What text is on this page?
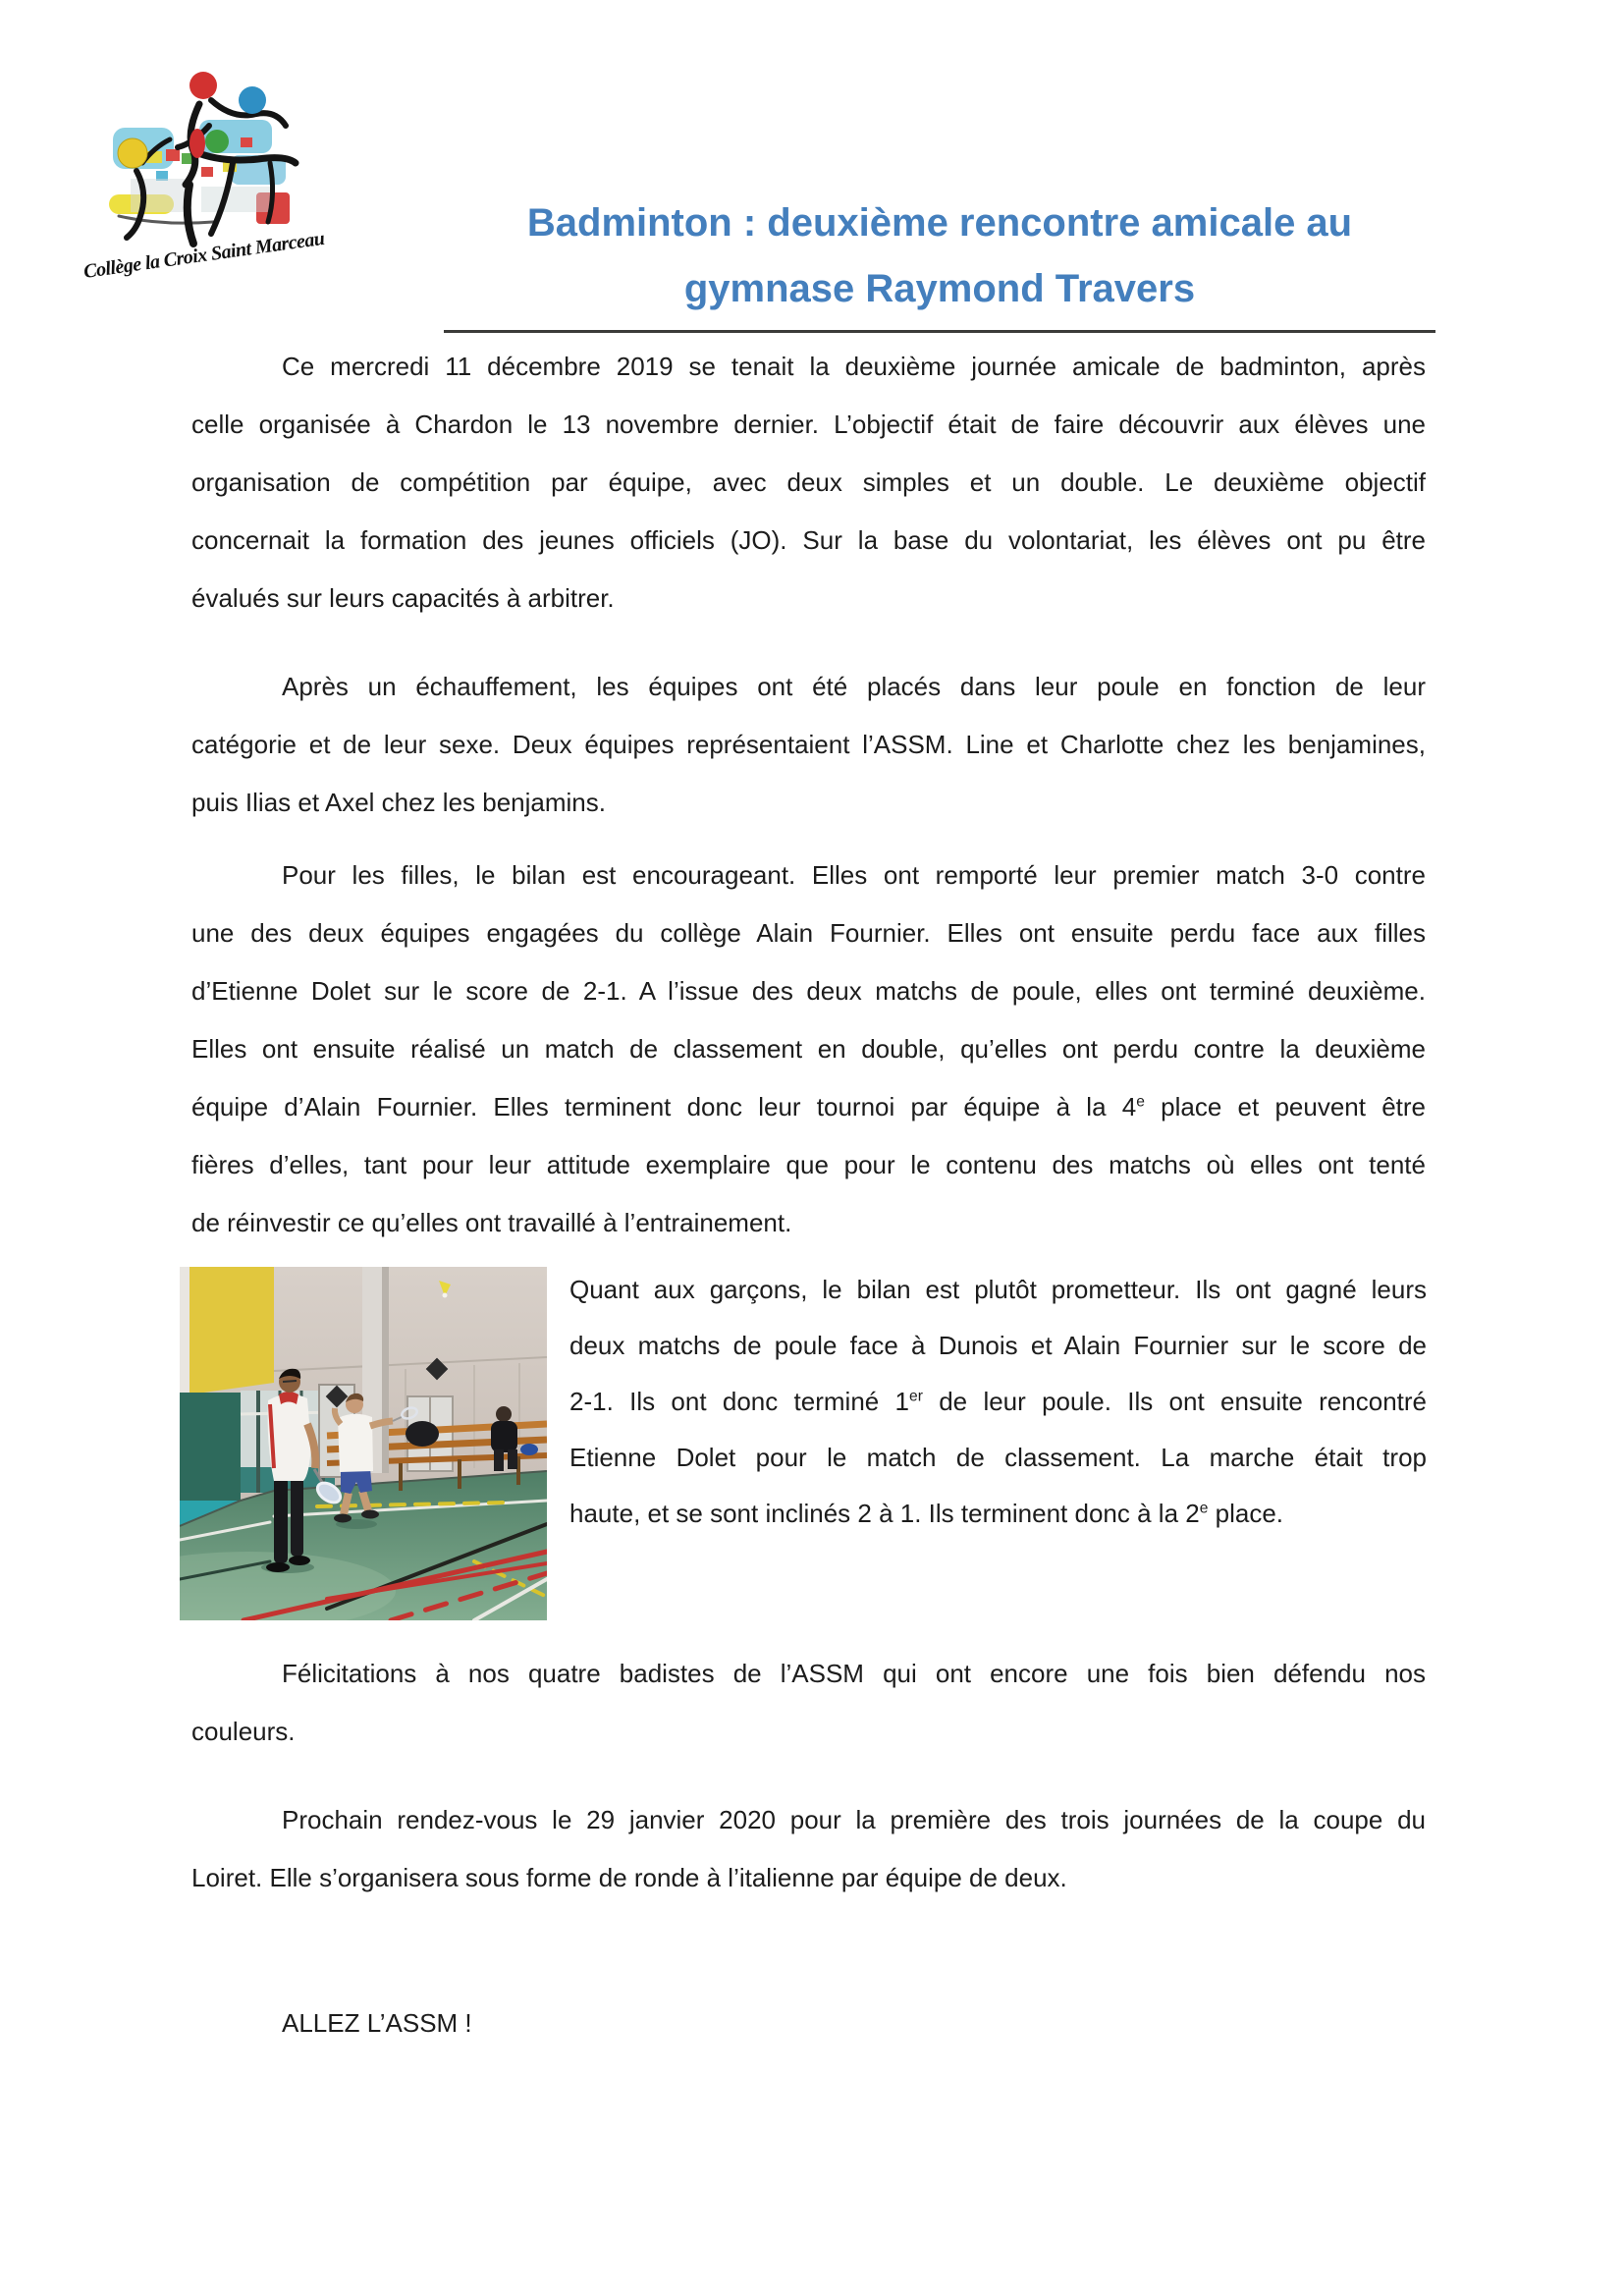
Collège la Croix Saint Marceau
Badminton : deuxième rencontre amicale au
gymnase Raymond Travers
Ce mercredi 11 décembre 2019 se tenait la deuxième journée amicale de badminton, après
celle organisée à Chardon le 13 novembre dernier. L’objectif était de faire découvrir aux élèves une
organisation de compétition par équipe, avec deux simples et un double. Le deuxième objectif
concernait la formation des jeunes officiels (JO). Sur la base du volontariat, les élèves ont pu être
évalués sur leurs capacités à arbitrer.
Après un échauffement, les équipes ont été placés dans leur poule en fonction de leur
catégorie et de leur sexe. Deux équipes représentaient l’ASSM. Line et Charlotte chez les benjamines,
puis Ilias et Axel chez les benjamins.
Pour les filles, le bilan est encourageant. Elles ont remporté leur premier match 3-0 contre
une des deux équipes engagées du collège Alain Fournier. Elles ont ensuite perdu face aux filles
d’Etienne Dolet sur le score de 2-1. A l’issue des deux matchs de poule, elles ont terminé deuxième.
Elles ont ensuite réalisé un match de classement en double, qu’elles ont perdu contre la deuxième
équipe d’Alain Fournier. Elles terminent donc leur tournoi par équipe à la 4e place et peuvent être
fières d’elles, tant pour leur attitude exemplaire que pour le contenu des matchs où elles ont tenté
de réinvestir ce qu’elles ont travaillé à l’entrainement.
Quant aux garçons, le bilan est plutôt prometteur. Ils ont gagné leurs
deux matchs de poule face à Dunois et Alain Fournier sur le score de
2-1. Ils ont donc terminé 1er de leur poule. Ils ont ensuite rencontré
Etienne Dolet pour le match de classement. La marche était trop
haute, et se sont inclinés 2 à 1. Ils terminent donc à la 2e place.
Félicitations à nos quatre badistes de l’ASSM qui ont encore une fois bien défendu nos
couleurs.
Prochain rendez-vous le 29 janvier 2020 pour la première des trois journées de la coupe du
Loiret. Elle s’organisera sous forme de ronde à l’italienne par équipe de deux.
ALLEZ L’ASSM !
